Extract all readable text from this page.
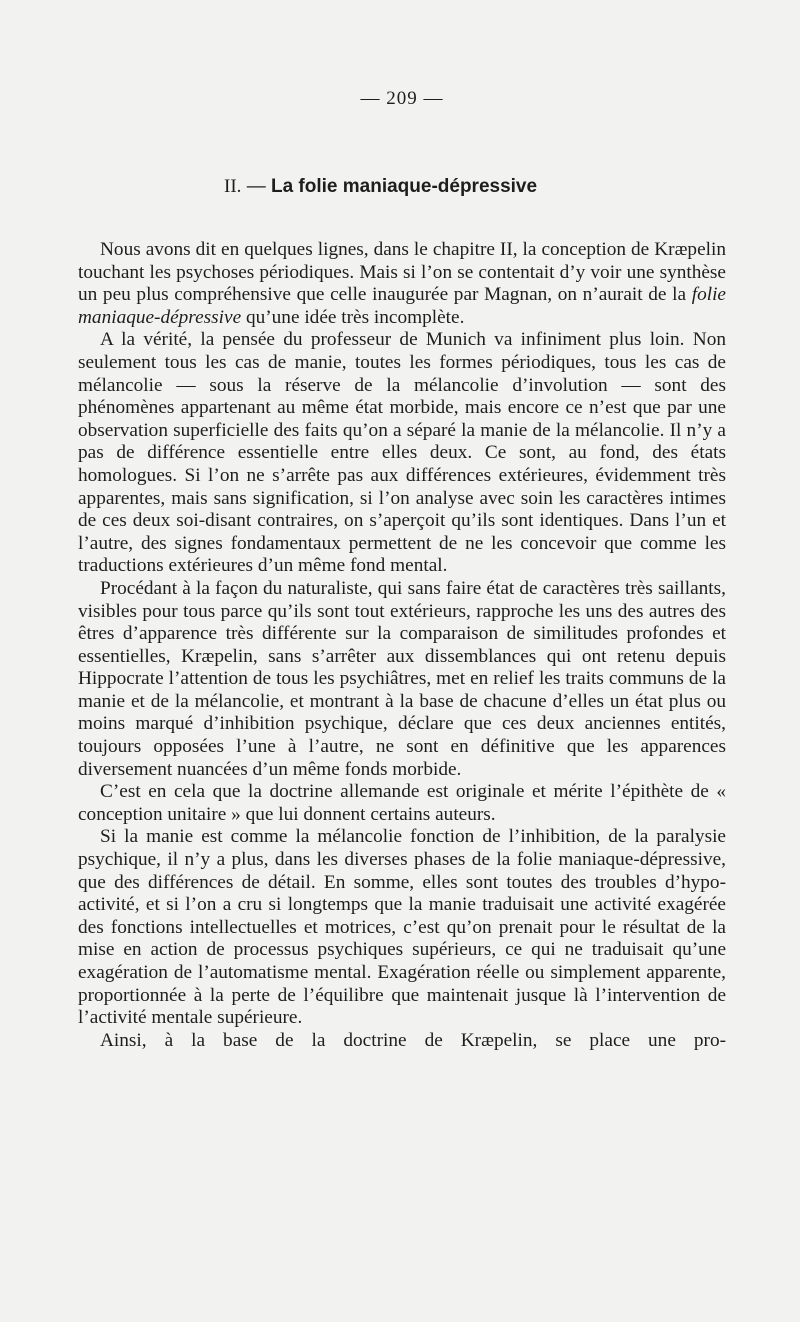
— 209 —
II. — La folie maniaque-dépressive

Nous avons dit en quelques lignes, dans le chapitre II, la conception de Kræpelin touchant les psychoses périodiques. Mais si l’on se contentait d’y voir une synthèse un peu plus compréhensive que celle inaugurée par Magnan, on n’aurait de la folie maniaque-dépressive qu’une idée très incomplète.

A la vérité, la pensée du professeur de Munich va infiniment plus loin. Non seulement tous les cas de manie, toutes les formes périodiques, tous les cas de mélancolie — sous la réserve de la mélancolie d’involution — sont des phénomènes appartenant au même état morbide, mais encore ce n’est que par une observation superficielle des faits qu’on a séparé la manie de la mélancolie. Il n’y a pas de différence essentielle entre elles deux. Ce sont, au fond, des états homologues. Si l’on ne s’arrête pas aux différences extérieures, évidemment très apparentes, mais sans signification, si l’on analyse avec soin les caractères intimes de ces deux soi-disant contraires, on s’aperçoit qu’ils sont identiques. Dans l’un et l’autre, des signes fondamentaux permettent de ne les concevoir que comme les traductions extérieures d’un même fond mental.

Procédant à la façon du naturaliste, qui sans faire état de caractères très saillants, visibles pour tous parce qu’ils sont tout extérieurs, rapproche les uns des autres des êtres d’apparence très différente sur la comparaison de similitudes profondes et essentielles, Kræpelin, sans s’arrêter aux dissemblances qui ont retenu depuis Hippocrate l’attention de tous les psychiâtres, met en relief les traits communs de la manie et de la mélancolie, et montrant à la base de chacune d’elles un état plus ou moins marqué d’inhibition psychique, déclare que ces deux anciennes entités, toujours opposées l’une à l’autre, ne sont en définitive que les apparences diversement nuancées d’un même fonds morbide.

C’est en cela que la doctrine allemande est originale et mérite l’épithète de « conception unitaire » que lui donnent certains auteurs.

Si la manie est comme la mélancolie fonction de l’inhibition, de la paralysie psychique, il n’y a plus, dans les diverses phases de la folie maniaque-dépressive, que des différences de détail. En somme, elles sont toutes des troubles d’hypo-activité, et si l’on a cru si longtemps que la manie traduisait une activité exagérée des fonctions intellectuelles et motrices, c’est qu’on prenait pour le résultat de la mise en action de processus psychiques supérieurs, ce qui ne traduisait qu’une exagération de l’automatisme mental. Exagération réelle ou simplement apparente, proportionnée à la perte de l’équilibre que maintenait jusque là l’intervention de l’activité mentale supérieure.

Ainsi, à la base de la doctrine de Kræpelin, se place une pro-
